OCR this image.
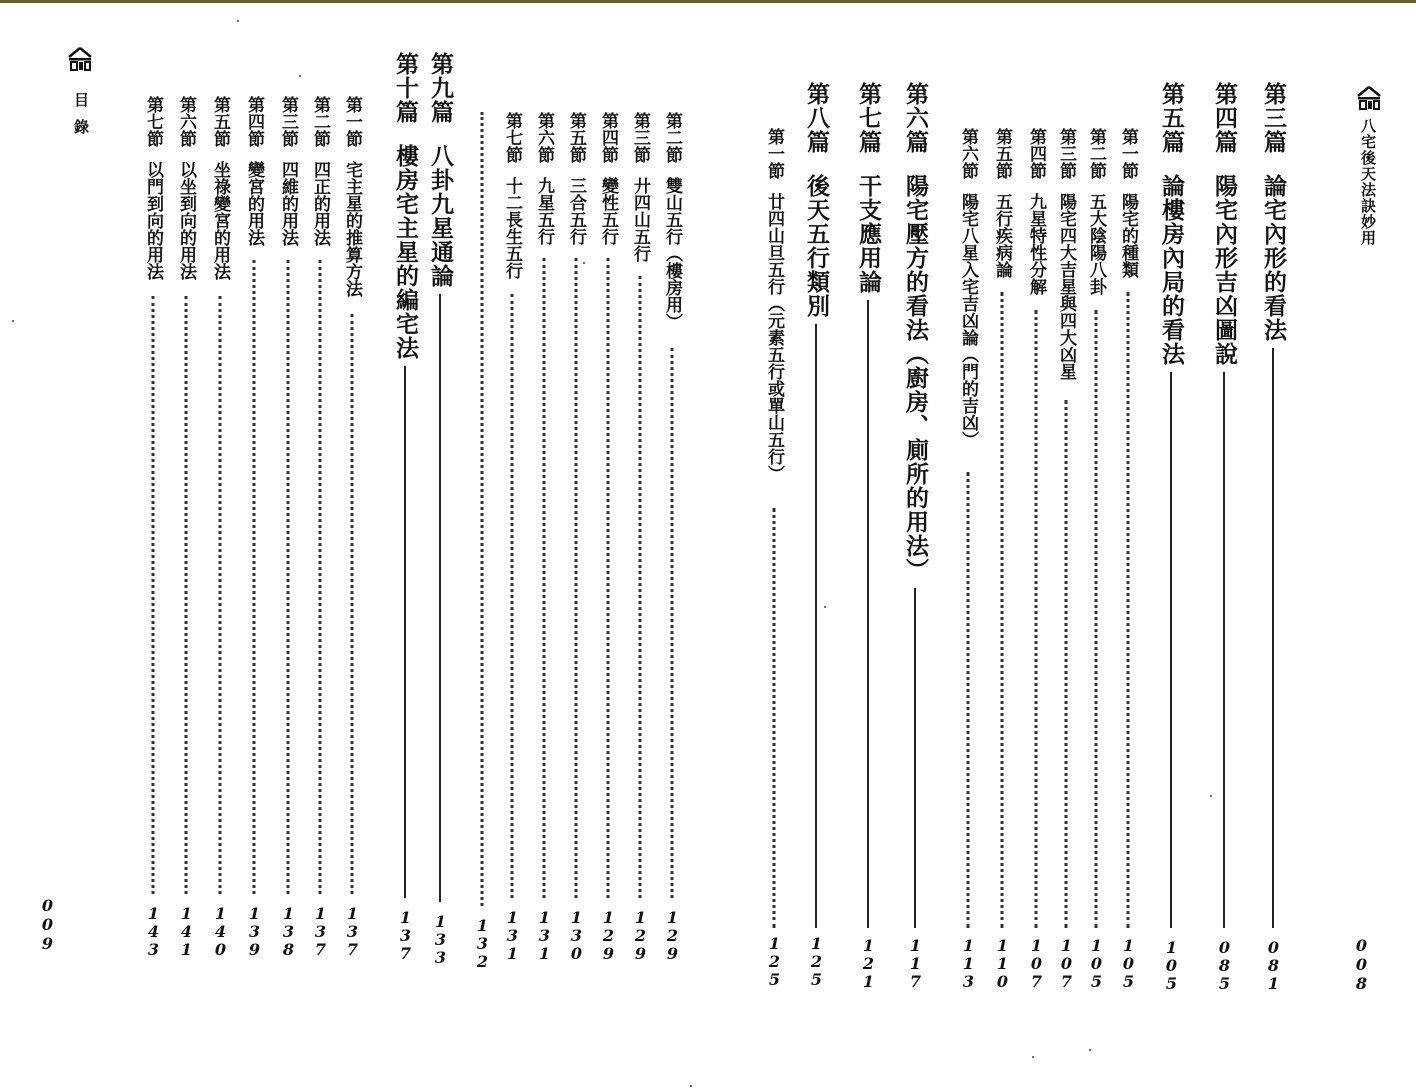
目錄
009
第二節雙山五行（樓房用）
129
第三節廾四山五行
129
第四節變性五行
129
第五節三合五行
130
第六節九星五行
131
第七節十二長生五行
131
132
第九篇八卦九星通論
133
第十篇樓房宅主星的編宅法
137
第一節宅主星的推算方法
137
第二節四正的用法
137
第三節四維的用法
138
第四節變宮的用法
139
第五節坐祿變宮的用法
140
第六節以坐到向的用法
141
第七節以門到向的用法
143
八宅後天法訣妙用
008
第三篇論宅內形的看法
081
第四篇陽宅內形吉凶圖說
085
第五篇論樓房內局的看法
105
第一節陽宅的種類
105
第二節五大陰陽八卦
105
第三節陽宅四大吉星與四大凶星
107
第四節九星特性分解
107
第五節五行疾病論
110
第六節陽宅八星入宅吉凶論（門的吉凶）
113
第六篇陽宅壓方的看法（廚房、廁所的用法）
117
第七篇干支應用論
121
第八篇後天五行類別
125
第一節廿四山旦五行（元素五行或單山五行）
125
